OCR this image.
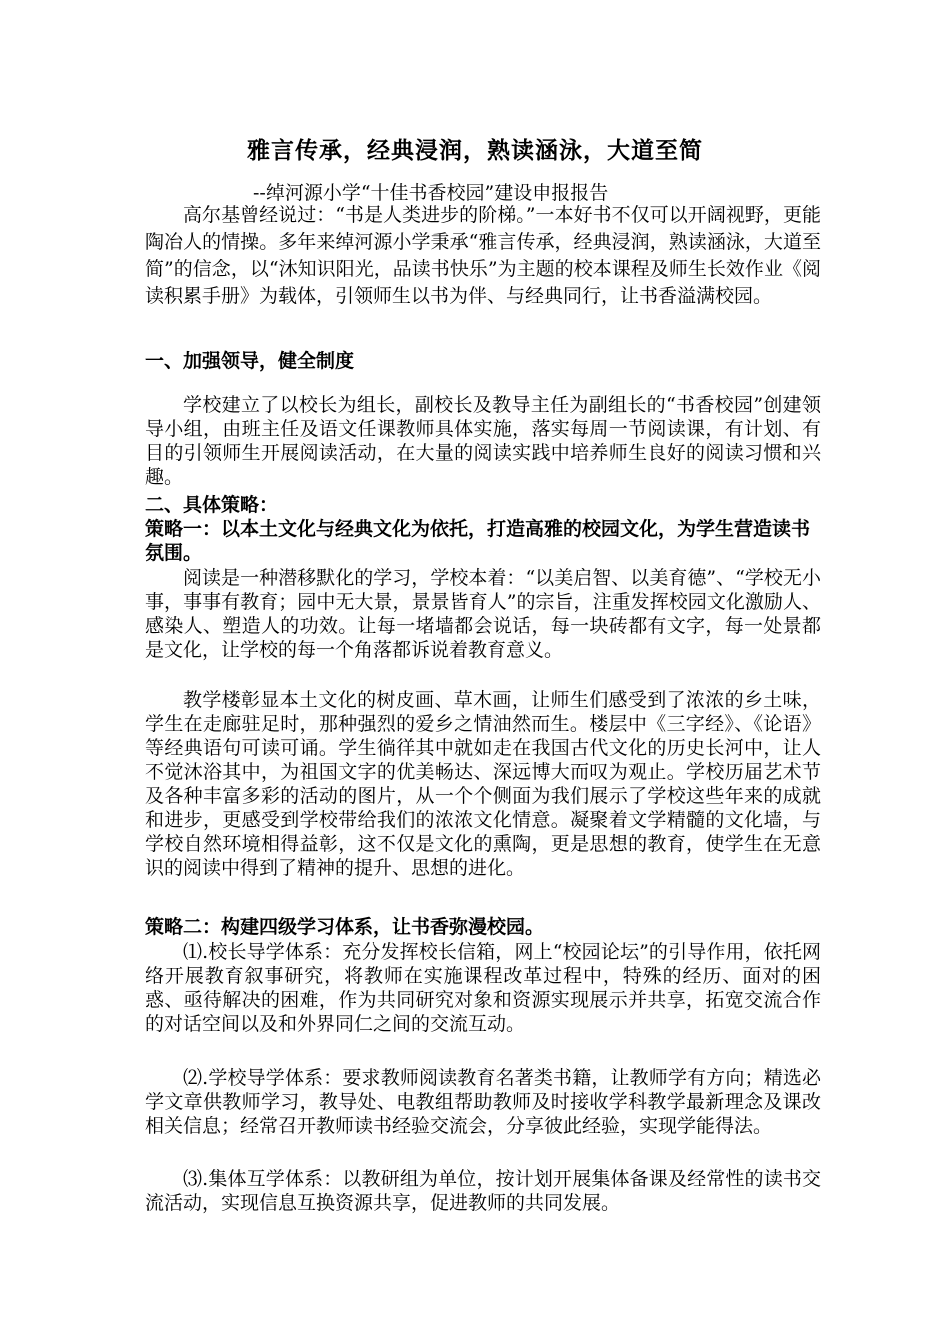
雅言传承，经典浸润，熟读涵泳，大道至简
--绰河源小学“十佳书香校园”建设申报报告

高尔基曾经说过：“书是人类进步的阶梯。”一本好书不仅可以开阔视野，更能陶冶人的情操。多年来绰河源小学秉承“雅言传承，经典浸润，熟读涵泳，大道至简”的信念，以“沐知识阳光，品读书快乐”为主题的校本课程及师生长效作业《阅读积累手册》为载体，引领师生以书为伴、与经典同行，让书香溢满校园。

一、加强领导，健全制度

学校建立了以校长为组长，副校长及教导主任为副组长的“书香校园”创建领导小组，由班主任及语文任课教师具体实施，落实每周一节阅读课，有计划、有目的引领师生开展阅读活动，在大量的阅读实践中培养师生良好的阅读习惯和兴趣。

二、具体策略：
策略一：以本土文化与经典文化为依托，打造高雅的校园文化，为学生营造读书氛围。

阅读是一种潜移默化的学习，学校本着：“以美启智、以美育德”、“学校无小事，事事有教育；园中无大景，景景皆育人”的宗旨，注重发挥校园文化激励人、感染人、塑造人的功效。让每一堵墙都会说话，每一块砖都有文字，每一处景都是文化，让学校的每一个角落都诉说着教育意义。

教学楼彰显本土文化的树皮画、草木画，让师生们感受到了浓浓的乡土味，学生在走廊驻足时，那种强烈的爱乡之情油然而生。楼层中《三字经》、《论语》等经典语句可读可诵。学生徜徉其中就如走在我国古代文化的历史长河中，让人不觉沐浴其中，为祖国文字的优美畅达、深远博大而叹为观止。学校历届艺术节及各种丰富多彩的活动的图片，从一个个侧面为我们展示了学校这些年来的成就和进步，更感受到学校带给我们的浓浓文化情意。凝聚着文学精髓的文化墙，与学校自然环境相得益彰，这不仅是文化的熏陶，更是思想的教育，使学生在无意识的阅读中得到了精神的提升、思想的进化。

策略二：构建四级学习体系，让书香弥漫校园。

⑴.校长导学体系：充分发挥校长信箱，网上“校园论坛”的引导作用，依托网络开展教育叙事研究，将教师在实施课程改革过程中，特殊的经历、面对的困惑、亟待解决的困难，作为共同研究对象和资源实现展示并共享，拓宽交流合作的对话空间以及和外界同仁之间的交流互动。

⑵.学校导学体系：要求教师阅读教育名著类书籍，让教师学有方向；精选必学文章供教师学习，教导处、电教组帮助教师及时接收学科教学最新理念及课改相关信息；经常召开教师读书经验交流会，分享彼此经验，实现学能得法。

⑶.集体互学体系：以教研组为单位，按计划开展集体备课及经常性的读书交流活动，实现信息互换资源共享，促进教师的共同发展。
